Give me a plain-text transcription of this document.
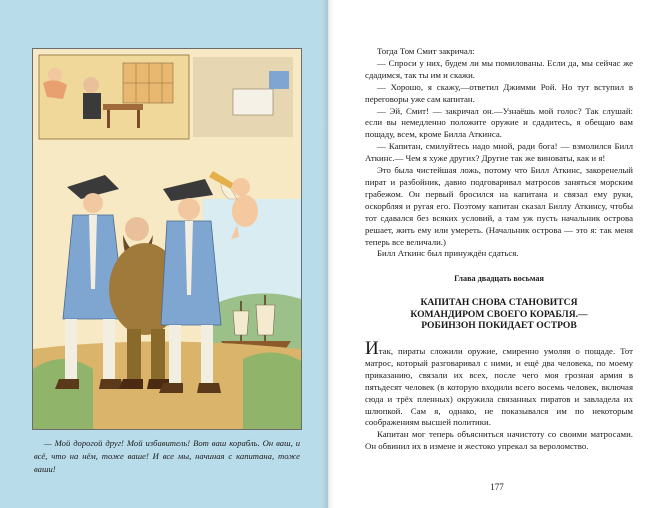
— Мой дорогой друг! Мой избавитель! Вот ваш корабль. Он ваш, и всё, что на нём, тоже ваше! И все мы, начиная с капитана, тоже ваши!

Тогда Том Смит закричал:

— Спроси у них, будем ли мы помилованы. Если да, мы сейчас же сдадимся, так ты им и скажи.

— Хорошо, я скажу,—ответил Джимми Рой. Но тут вступил в переговоры уже сам капитан.

— Эй, Смит! — закричал он.—Узнаёшь мой голос? Так слушай: если вы немедленно положите оружие и сдадитесь, я обещаю вам пощаду, всем, кроме Билла Аткинса.

— Капитан, смилуйтесь надо мной, ради бога! — взмолился Билл Аткинс.— Чем я хуже других? Другие так же виноваты, как и я!

Это была чистейшая ложь, потому что Билл Аткинс, закоренелый пират и разбойник, давно подговаривал матросов заняться морским грабежом. Он первый бросился на капитана и связал ему руки, оскорбляя и ругая его. Поэтому капитан сказал Биллу Аткинсу, чтобы тот сдавался без всяких условий, а там уж пусть начальник острова решает, жить ему или умереть. (Начальник острова — это я: так меня теперь все величали.)

Билл Аткинс был принуждён сдаться.

Глава двадцать восьмая

КАПИТАН СНОВА СТАНОВИТСЯ

КОМАНДИРОМ СВОЕГО КОРАБЛЯ.—

РОБИНЗОН ПОКИДАЕТ ОСТРОВ

Итак, пираты сложили оружие, смиренно умоляя о пощаде. Тот матрос, который разговаривал с ними, и ещё два человека, по моему приказанию, связали их всех, после чего моя грозная армия в пятьдесят человек (в которую входили всего восемь человек, включая сюда и трёх пленных) окружила связанных пиратов и завладела их шлюпкой. Сам я, однако, не показывался им по некоторым соображениям высшей политики.

Капитан мог теперь объясниться начистоту со своими матросами. Он обвинил их в измене и жестоко упрекал за вероломство.

177
